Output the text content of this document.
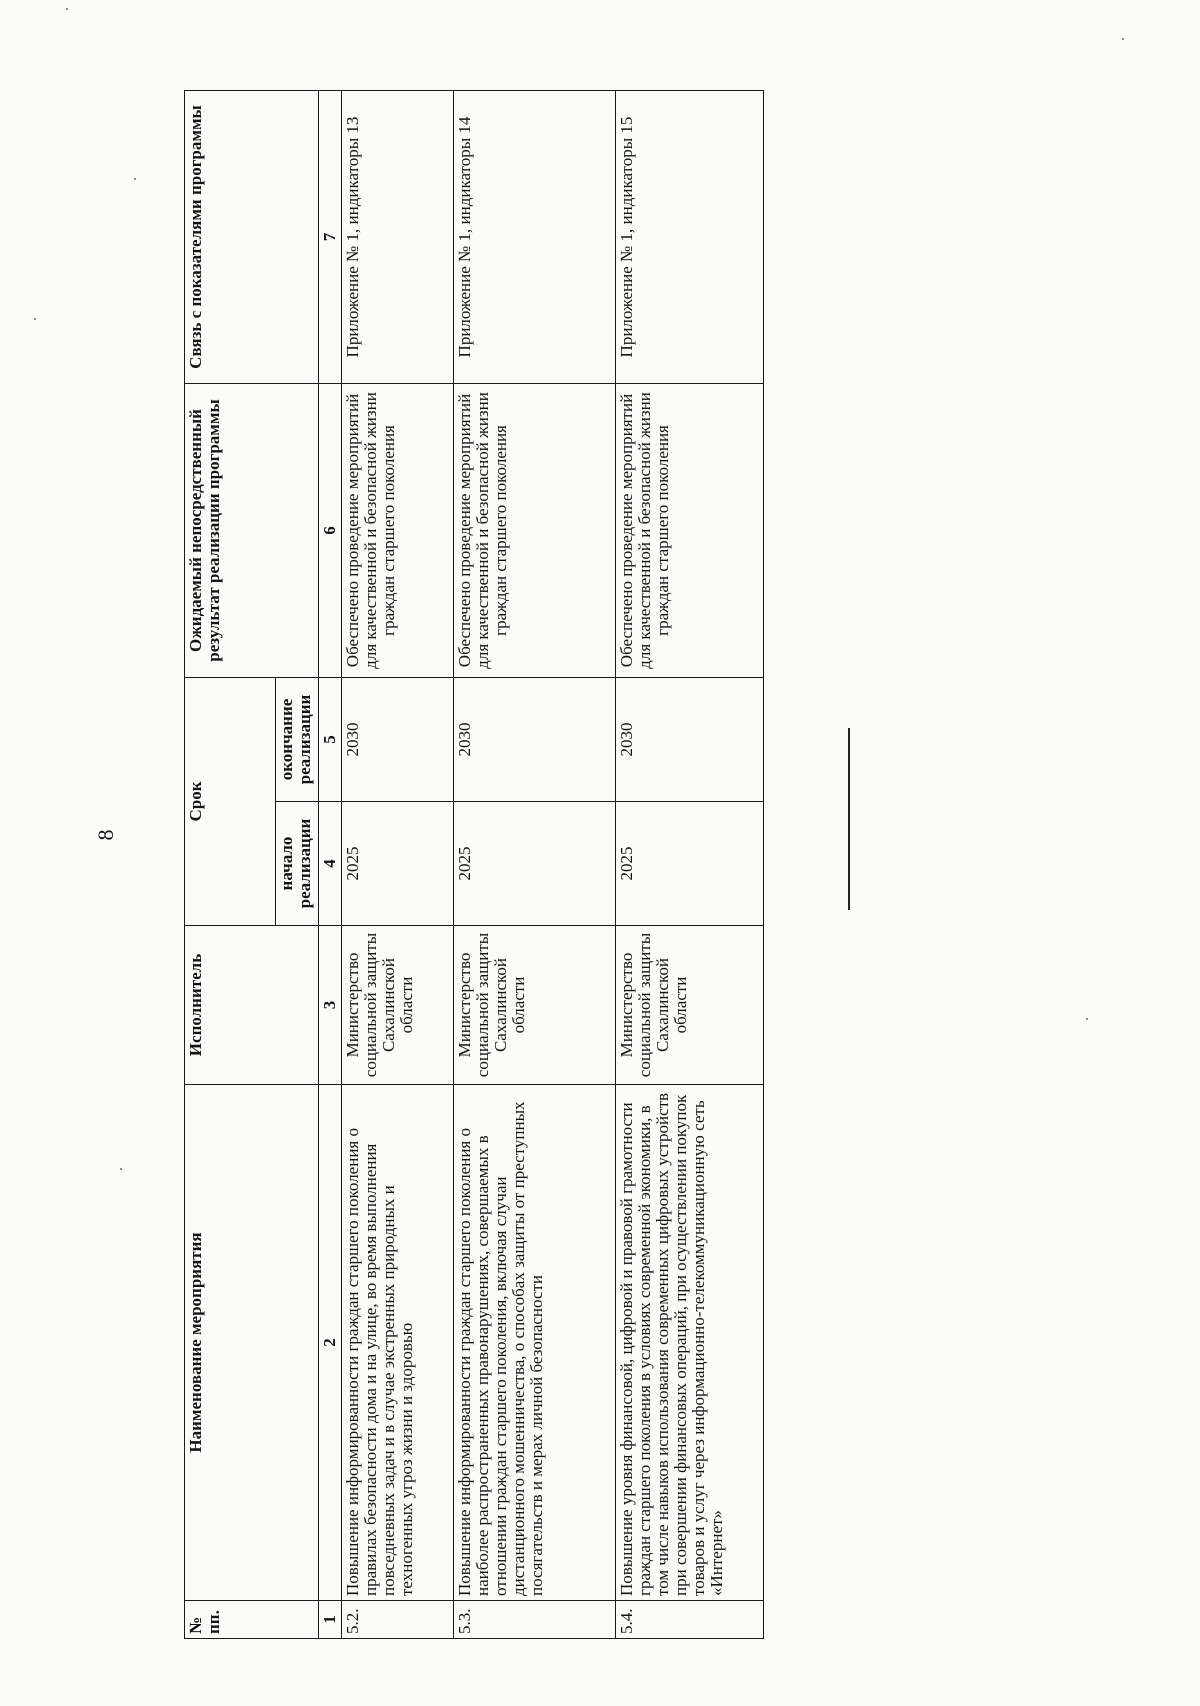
8
№ пп.	Наименование мероприятия	Исполнитель	Срок		Ожидаемый непосредственный результат реализации программы	Связь с показателями программы
			начало реализации	окончание реализации		
1	2	3	4	5	6	7
5.2.	Повышение информированности граждан старшего поколения о правилах безопасности дома и на улице, во время выполнения повседневных задач и в случае экстренных природных и техногенных угроз жизни и здоровью	Министерство социальной защиты Сахалинской области	2025	2030	Обеспечено проведение мероприятий для качественной и безопасной жизни граждан старшего поколения	Приложение № 1, индикаторы 13
5.3.	Повышение информированности граждан старшего поколения о наиболее распространенных правонарушениях, совершаемых в отношении граждан старшего поколения, включая случаи дистанционного мошенничества, о способах защиты от преступных посягательств и мерах личной безопасности	Министерство социальной защиты Сахалинской области	2025	2030	Обеспечено проведение мероприятий для качественной и безопасной жизни граждан старшего поколения	Приложение № 1, индикаторы 14
5.4.	Повышение уровня финансовой, цифровой и правовой грамотности граждан старшего поколения в условиях современной экономики, в том числе навыков использования современных цифровых устройств при совершении финансовых операций, при осуществлении покупок товаров и услуг через информационно-телекоммуникационную сеть «Интернет»	Министерство социальной защиты Сахалинской области	2025	2030	Обеспечено проведение мероприятий для качественной и безопасной жизни граждан старшего поколения	Приложение № 1, индикаторы 15
